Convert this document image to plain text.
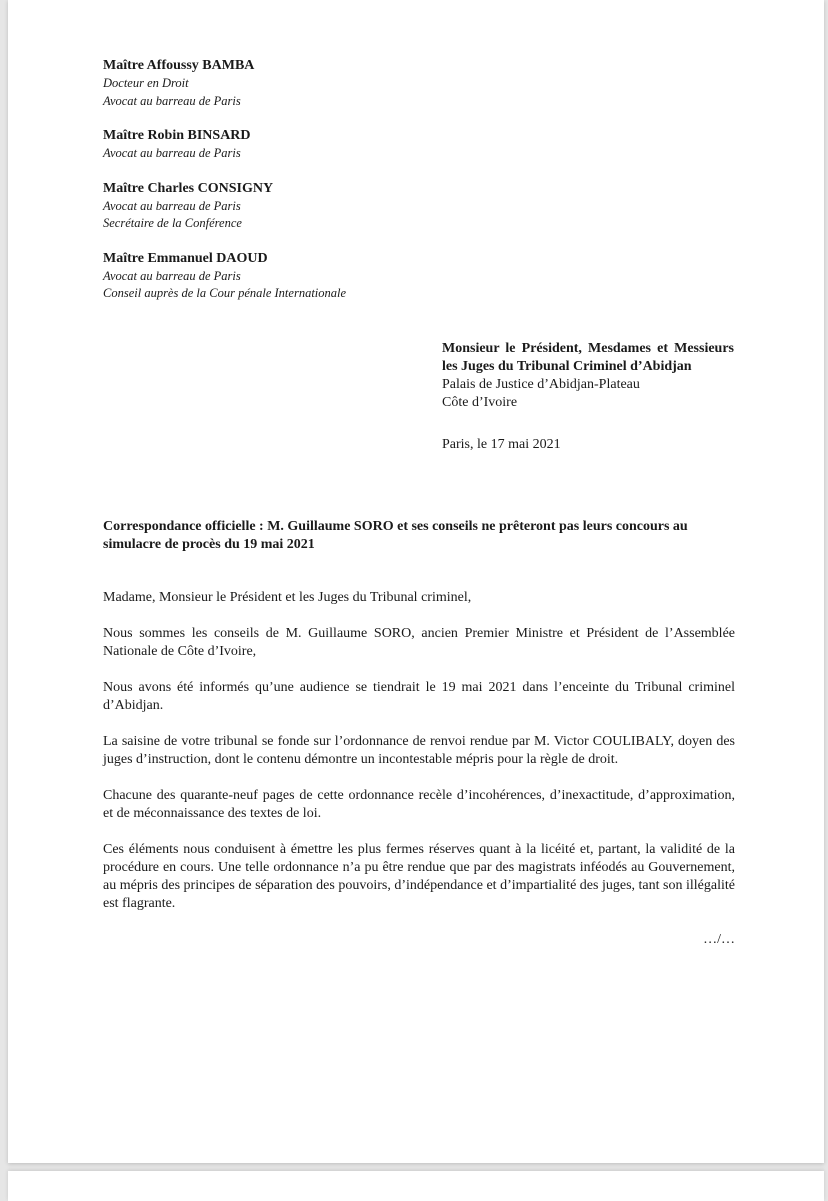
Maître Affoussy BAMBA

Docteur en Droit

Avocat au barreau de Paris

Maître Robin BINSARD

Avocat au barreau de Paris

Maître Charles CONSIGNY

Avocat au barreau de Paris

Secrétaire de la Conférence

Maître Emmanuel DAOUD

Avocat au barreau de Paris

Conseil auprès de la Cour pénale Internationale

Monsieur le Président, Mesdames et Messieurs les Juges du Tribunal Criminel d’Abidjan

Palais de Justice d’Abidjan-Plateau

Côte d’Ivoire

Paris, le 17 mai 2021

Correspondance officielle : M. Guillaume SORO et ses conseils ne prêteront pas leurs concours au simulacre de procès du 19 mai 2021

Madame, Monsieur le Président et les Juges du Tribunal criminel,

Nous sommes les conseils de M. Guillaume SORO, ancien Premier Ministre et Président de l’Assemblée Nationale de Côte d’Ivoire,

Nous avons été informés qu’une audience se tiendrait le 19 mai 2021 dans l’enceinte du Tribunal criminel d’Abidjan.

La saisine de votre tribunal se fonde sur l’ordonnance de renvoi rendue par M. Victor COULIBALY, doyen des juges d’instruction, dont le contenu démontre un incontestable mépris pour la règle de droit.

Chacune des quarante-neuf pages de cette ordonnance recèle d’incohérences, d’inexactitude, d’approximation, et de méconnaissance des textes de loi.

Ces éléments nous conduisent à émettre les plus fermes réserves quant à la licéité et, partant, la validité de la procédure en cours. Une telle ordonnance n’a pu être rendue que par des magistrats inféodés au Gouvernement, au mépris des principes de séparation des pouvoirs, d’indépendance et d’impartialité des juges, tant son illégalité est flagrante.

…/…
